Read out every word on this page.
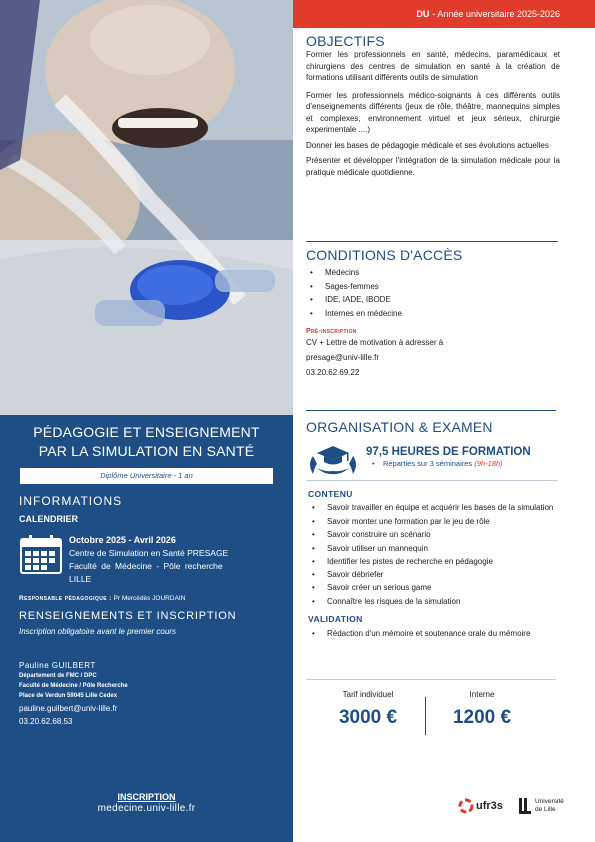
PÉDAGOGIE ET ENSEIGNEMENT
PAR LA SIMULATION EN SANTÉ
Diplôme Universitaire - 1 an
INFORMATIONS
CALENDRIER
Octobre 2025 - Avril 2026
Centre de Simulation en Santé PRESAGE
Faculté de Médecine - Pôle recherche
LILLE
Responsable pédagogique : Pr Mercédès JOURDAIN
RENSEIGNEMENTS ET INSCRIPTION
Inscription obligatoire avant le premier cours
Pauline GUILBERT
Département de FMC / DPC
Faculté de Médecine / Pôle Recherche
Place de Verdun 59045 Lille Cedex
pauline.guilbert@univ-lille.fr
03.20.62.68.53
INSCRIPTION
medecine.univ-lille.fr
DU - Année universitaire 2025-2026
OBJECTIFS

Former les professionnels en santé, médecins, paramédicaux et chirurgiens des centres de simulation en santé à la création de formations utilisant différents outils de simulation

Former les professionnels médico-soignants à ces différents outils d'enseignements différents (jeux de rôle, théâtre, mannequins simples et complexes, environnement virtuel et jeux sérieux, chirurgie experimentale ....)

Donner les bases de pédagogie médicale et ses évolutions actuelles

Présenter et développer l'intégration de la simulation médicale pour la pratique médicale quotidienne.

CONDITIONS D'ACCÈS
• Médecins
• Sages-femmes
• IDE, IADE, IBODE
• Internes en médecine
Pré-inscription
CV + Lettre de motivation à adresser à
presage@univ-lille.fr
03.20.62.69.22
ORGANISATION & EXAMEN
97,5 HEURES DE FORMATION
•    Réparties sur 3 séminaires (9h-18h)
CONTENU
• Savoir travailler en équipe et acquérir les bases de la simulation
• Savoir monter une formation par le jeu de rôle
• Savoir construire un scénario
• Savoir utiliser un mannequin
• Identifier les pistes de recherche en pédagogie
• Savoir débriefer
• Savoir créer un serious game
• Connaître les risques de la simulation
VALIDATION
• Rédaction d'un mémoire et soutenance orale du mémoire
Tarif individuel
3000 €
Interne
1200 €
ufr3s	Université
de Lille
